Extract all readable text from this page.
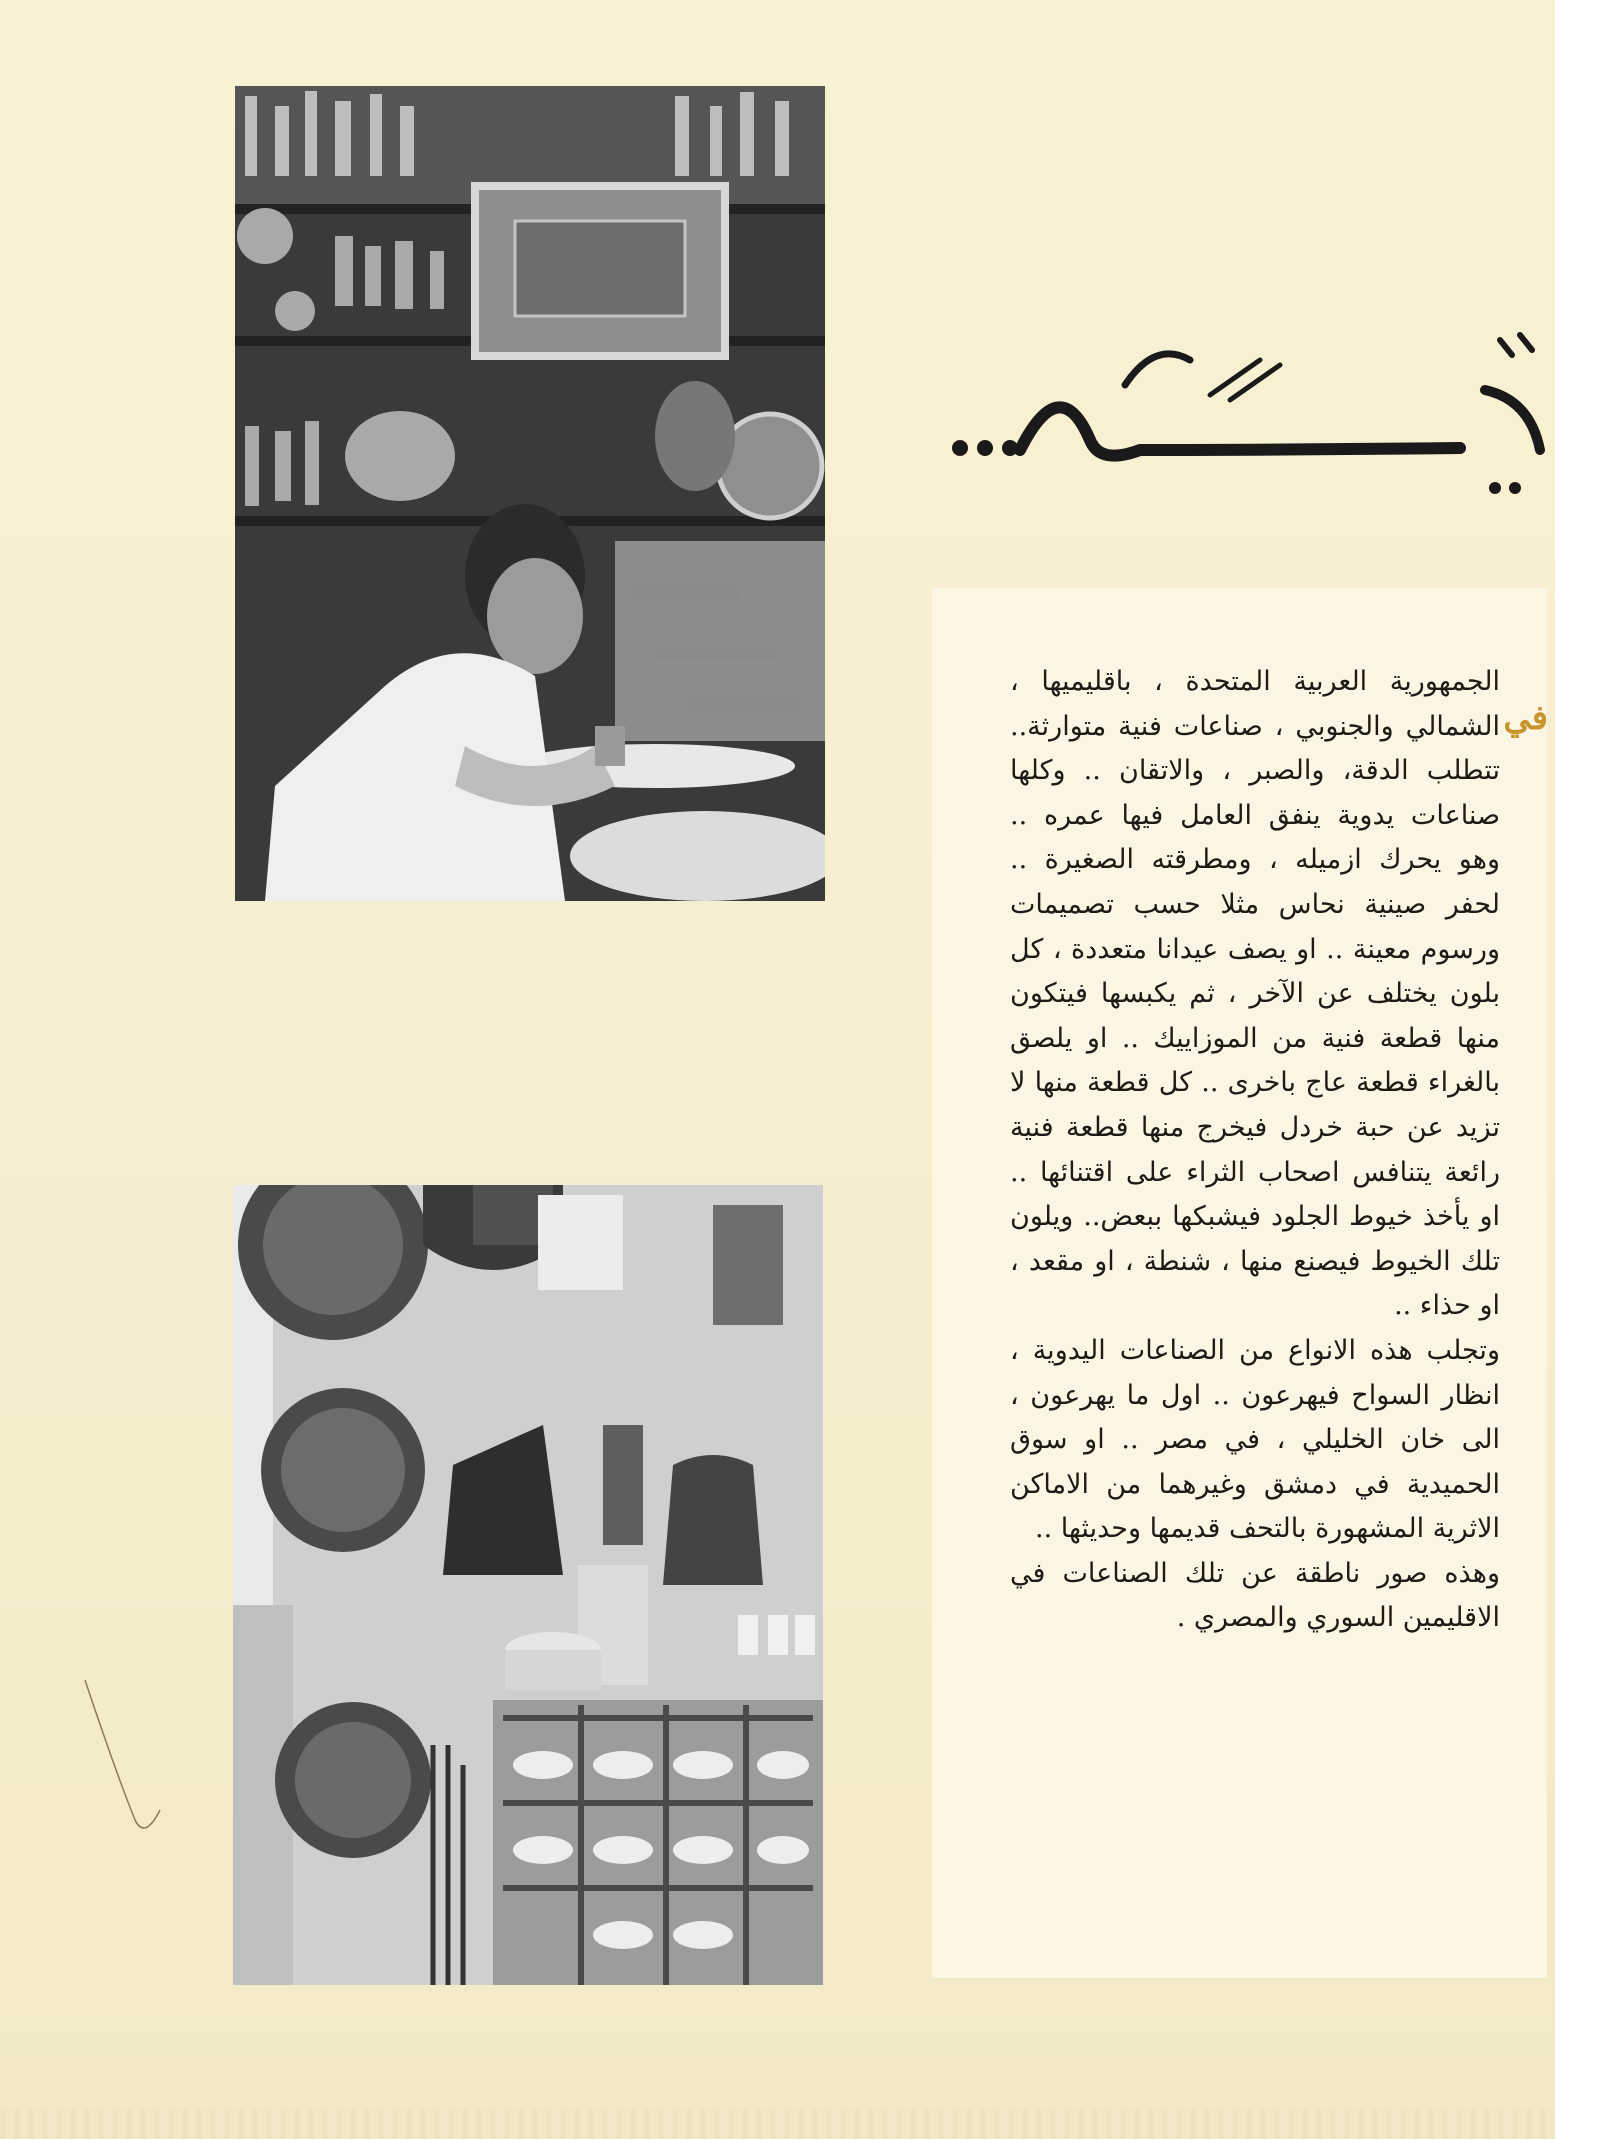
في

الجمهورية العربية المتحدة ، باقليميها ، الشمالي والجنوبي ، صناعات فنية متوارثة.. تتطلب الدقة، والصبر ، والاتقان .. وكلها صناعات يدوية ينفق العامل فيها عمره .. وهو يحرك ازميله ، ومطرقته الصغيرة .. لحفر صينية نحاس مثلا حسب تصميمات ورسوم معينة .. او يصف عيدانا متعددة ، كل بلون يختلف عن الآخر ، ثم يكبسها فيتكون منها قطعة فنية من الموزاييك .. او يلصق بالغراء قطعة عاج باخرى .. كل قطعة منها لا تزيد عن حبة خردل فيخرج منها قطعة فنية رائعة يتنافس اصحاب الثراء على اقتنائها .. او يأخذ خيوط الجلود فيشبكها ببعض.. ويلون تلك الخيوط فيصنع منها ، شنطة ، او مقعد ، او حذاء ..

وتجلب هذه الانواع من الصناعات اليدوية ، انظار السواح فيهرعون .. اول ما يهرعون ، الى خان الخليلي ، في مصر .. او سوق الحميدية في دمشق وغيرهما من الاماكن الاثرية المشهورة بالتحف قديمها وحديثها ..

وهذه صور ناطقة عن تلك الصناعات في الاقليمين السوري والمصري .
